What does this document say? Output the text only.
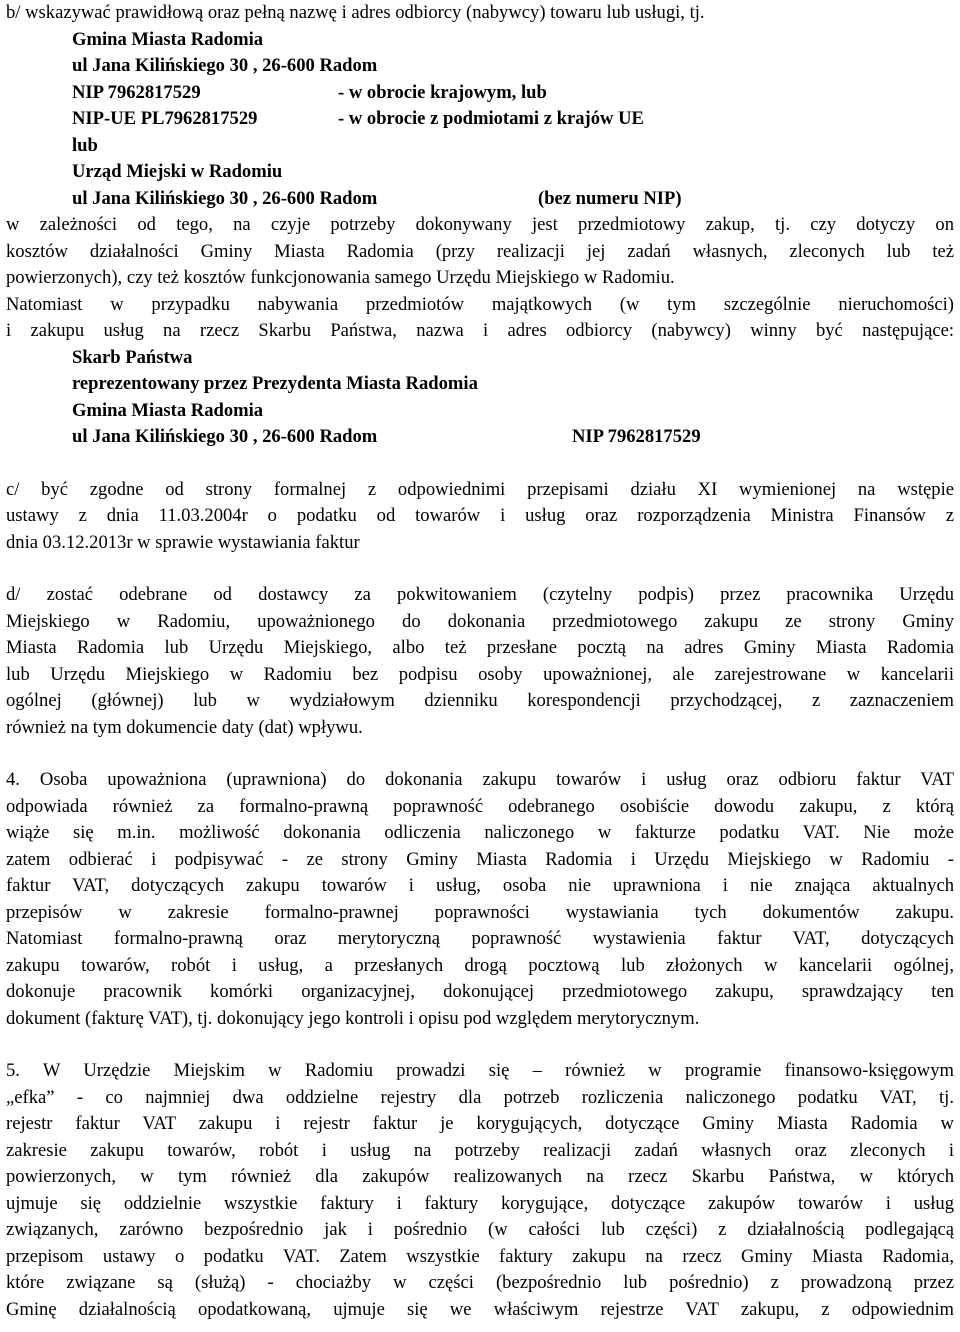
b/ wskazywać prawidłową oraz pełną nazwę i adres odbiorcy (nabywcy) towaru lub usługi, tj.
Gmina Miasta Radomia
ul Jana Kilińskiego 30 , 26-600 Radom
NIP 7962817529	- w obrocie krajowym, lub
NIP-UE PL7962817529	- w obrocie z podmiotami z krajów UE
lub
Urząd Miejski w Radomiu
ul Jana Kilińskiego 30 , 26-600 Radom	(bez numeru NIP)
w zależności od tego, na czyje potrzeby dokonywany jest przedmiotowy zakup, tj. czy dotyczy on
kosztów działalności Gminy Miasta Radomia (przy realizacji jej zadań własnych, zleconych lub też
powierzonych), czy też kosztów funkcjonowania samego Urzędu Miejskiego w Radomiu.
Natomiast w przypadku nabywania przedmiotów majątkowych (w tym szczególnie nieruchomości)
i zakupu usług na rzecz Skarbu Państwa, nazwa i adres odbiorcy (nabywcy) winny być następujące:
Skarb Państwa
reprezentowany przez Prezydenta Miasta Radomia
Gmina Miasta Radomia
ul Jana Kilińskiego 30 , 26-600 Radom	NIP 7962817529
c/ być zgodne od strony formalnej z odpowiednimi przepisami działu XI wymienionej na wstępie
ustawy z dnia 11.03.2004r o podatku od towarów i usług oraz rozporządzenia Ministra Finansów z
dnia 03.12.2013r w sprawie wystawiania faktur
d/ zostać odebrane od dostawcy za pokwitowaniem (czytelny podpis) przez pracownika Urzędu
Miejskiego w Radomiu, upoważnionego do dokonania przedmiotowego zakupu ze strony Gminy
Miasta Radomia lub Urzędu Miejskiego, albo też przesłane pocztą na adres Gminy Miasta Radomia
lub Urzędu Miejskiego w Radomiu bez podpisu osoby upoważnionej, ale zarejestrowane w kancelarii
ogólnej (głównej) lub w wydziałowym dzienniku korespondencji przychodzącej, z zaznaczeniem
również na tym dokumencie daty (dat) wpływu.
4. Osoba upoważniona (uprawniona) do dokonania zakupu towarów i usług oraz odbioru faktur VAT
odpowiada również za formalno-prawną poprawność odebranego osobiście dowodu zakupu, z którą
wiąże się m.in. możliwość dokonania odliczenia naliczonego w fakturze podatku VAT. Nie może
zatem odbierać i podpisywać - ze strony Gminy Miasta Radomia i Urzędu Miejskiego w Radomiu -
faktur VAT, dotyczących zakupu towarów i usług, osoba nie uprawniona i nie znająca aktualnych
przepisów w zakresie formalno-prawnej poprawności wystawiania tych dokumentów zakupu.
Natomiast formalno-prawną oraz merytoryczną poprawność wystawienia faktur VAT, dotyczących
zakupu towarów, robót i usług, a przesłanych drogą pocztową lub złożonych w kancelarii ogólnej,
dokonuje pracownik komórki organizacyjnej, dokonującej przedmiotowego zakupu, sprawdzający ten
dokument (fakturę VAT), tj. dokonujący jego kontroli i opisu pod względem merytorycznym.
5. W Urzędzie Miejskim w Radomiu prowadzi się – również w programie finansowo-księgowym
„efka” - co najmniej dwa oddzielne rejestry dla potrzeb rozliczenia naliczonego podatku VAT, tj.
rejestr faktur VAT zakupu i rejestr faktur je korygujących, dotyczące Gminy Miasta Radomia w
zakresie zakupu towarów, robót i usług na potrzeby realizacji zadań własnych oraz zleconych i
powierzonych, w tym również dla zakupów realizowanych na rzecz Skarbu Państwa, w których
ujmuje się oddzielnie wszystkie faktury i faktury korygujące, dotyczące zakupów towarów i usług
związanych, zarówno bezpośrednio jak i pośrednio (w całości lub części) z działalnością podlegającą
przepisom ustawy o podatku VAT. Zatem wszystkie faktury zakupu na rzecz Gminy Miasta Radomia,
które związane są (służą) - chociażby w części (bezpośrednio lub pośrednio) z prowadzoną przez
Gminę działalnością opodatkowaną, ujmuje się we właściwym rejestrze VAT zakupu, z odpowiednim
